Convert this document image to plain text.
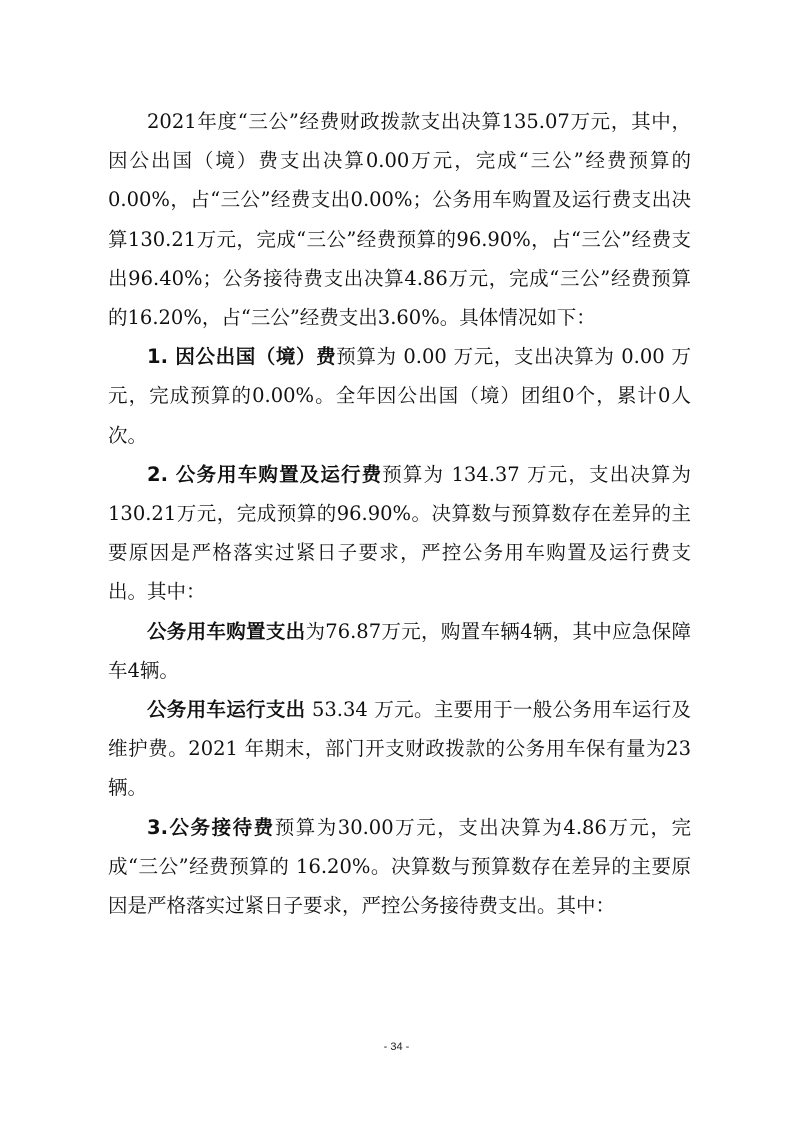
2021年度“三公”经费财政拨款支出决算135.07万元，其中，因公出国（境）费支出决算0.00万元，完成“三公”经费预算的0.00%，占“三公”经费支出0.00%；公务用车购置及运行费支出决算130.21万元，完成“三公”经费预算的96.90%，占“三公”经费支出96.40%；公务接待费支出决算4.86万元，完成“三公”经费预算的16.20%，占“三公”经费支出3.60%。具体情况如下：

1. 因公出国（境）费预算为 0.00 万元，支出决算为 0.00 万元，完成预算的0.00%。全年因公出国（境）团组0个，累计0人次。

2. 公务用车购置及运行费预算为 134.37 万元，支出决算为130.21万元，完成预算的96.90%。决算数与预算数存在差异的主要原因是严格落实过紧日子要求，严控公务用车购置及运行费支出。其中：

公务用车购置支出为76.87万元，购置车辆4辆，其中应急保障车4辆。

公务用车运行支出 53.34 万元。主要用于一般公务用车运行及维护费。2021 年期末，部门开支财政拨款的公务用车保有量为23辆。

3.公务接待费预算为30.00万元，支出决算为4.86万元，完成“三公”经费预算的 16.20%。决算数与预算数存在差异的主要原因是严格落实过紧日子要求，严控公务接待费支出。其中：

- 34 -
